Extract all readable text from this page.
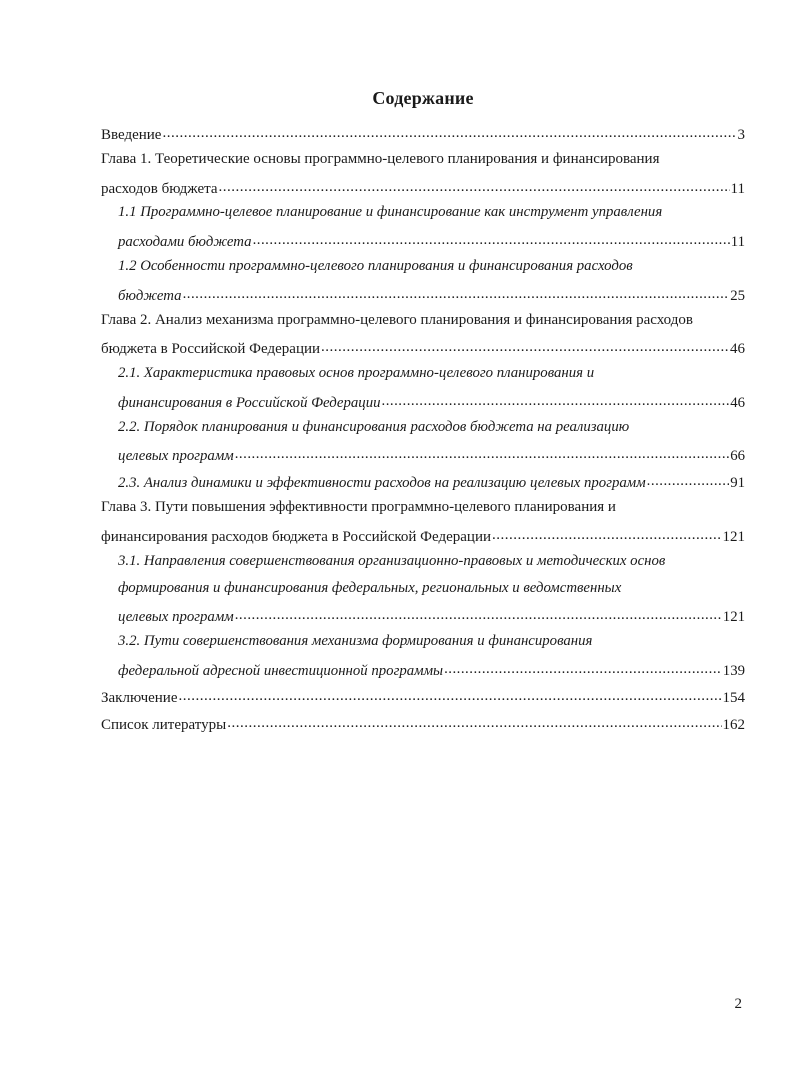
Содержание
Введение .....	3
Глава 1. Теоретические основы программно-целевого планирования и финансирования
расходов бюджета .....	11
1.1 Программно-целевое планирование и финансирование как инструмент управления
расходами бюджета .....	11
1.2 Особенности программно-целевого планирования и финансирования расходов
бюджета .....	25
Глава 2. Анализ механизма программно-целевого планирования и финансирования расходов
бюджета в Российской Федерации .....	46
2.1. Характеристика правовых основ программно-целевого планирования и
финансирования в Российской Федерации .....	46
2.2. Порядок планирования и финансирования расходов бюджета на реализацию
целевых программ .....	66
2.3. Анализ динамики и эффективности расходов на реализацию целевых программ .....	91
Глава 3. Пути повышения эффективности программно-целевого планирования и
финансирования расходов бюджета в Российской Федерации .....	121
3.1. Направления совершенствования организационно-правовых и методических основ
формирования и финансирования федеральных, региональных и ведомственных
целевых программ .....	121
3.2. Пути совершенствования механизма формирования и финансирования
федеральной адресной инвестиционной программы .....	139
Заключение .....	154
Список литературы .....	162
2
